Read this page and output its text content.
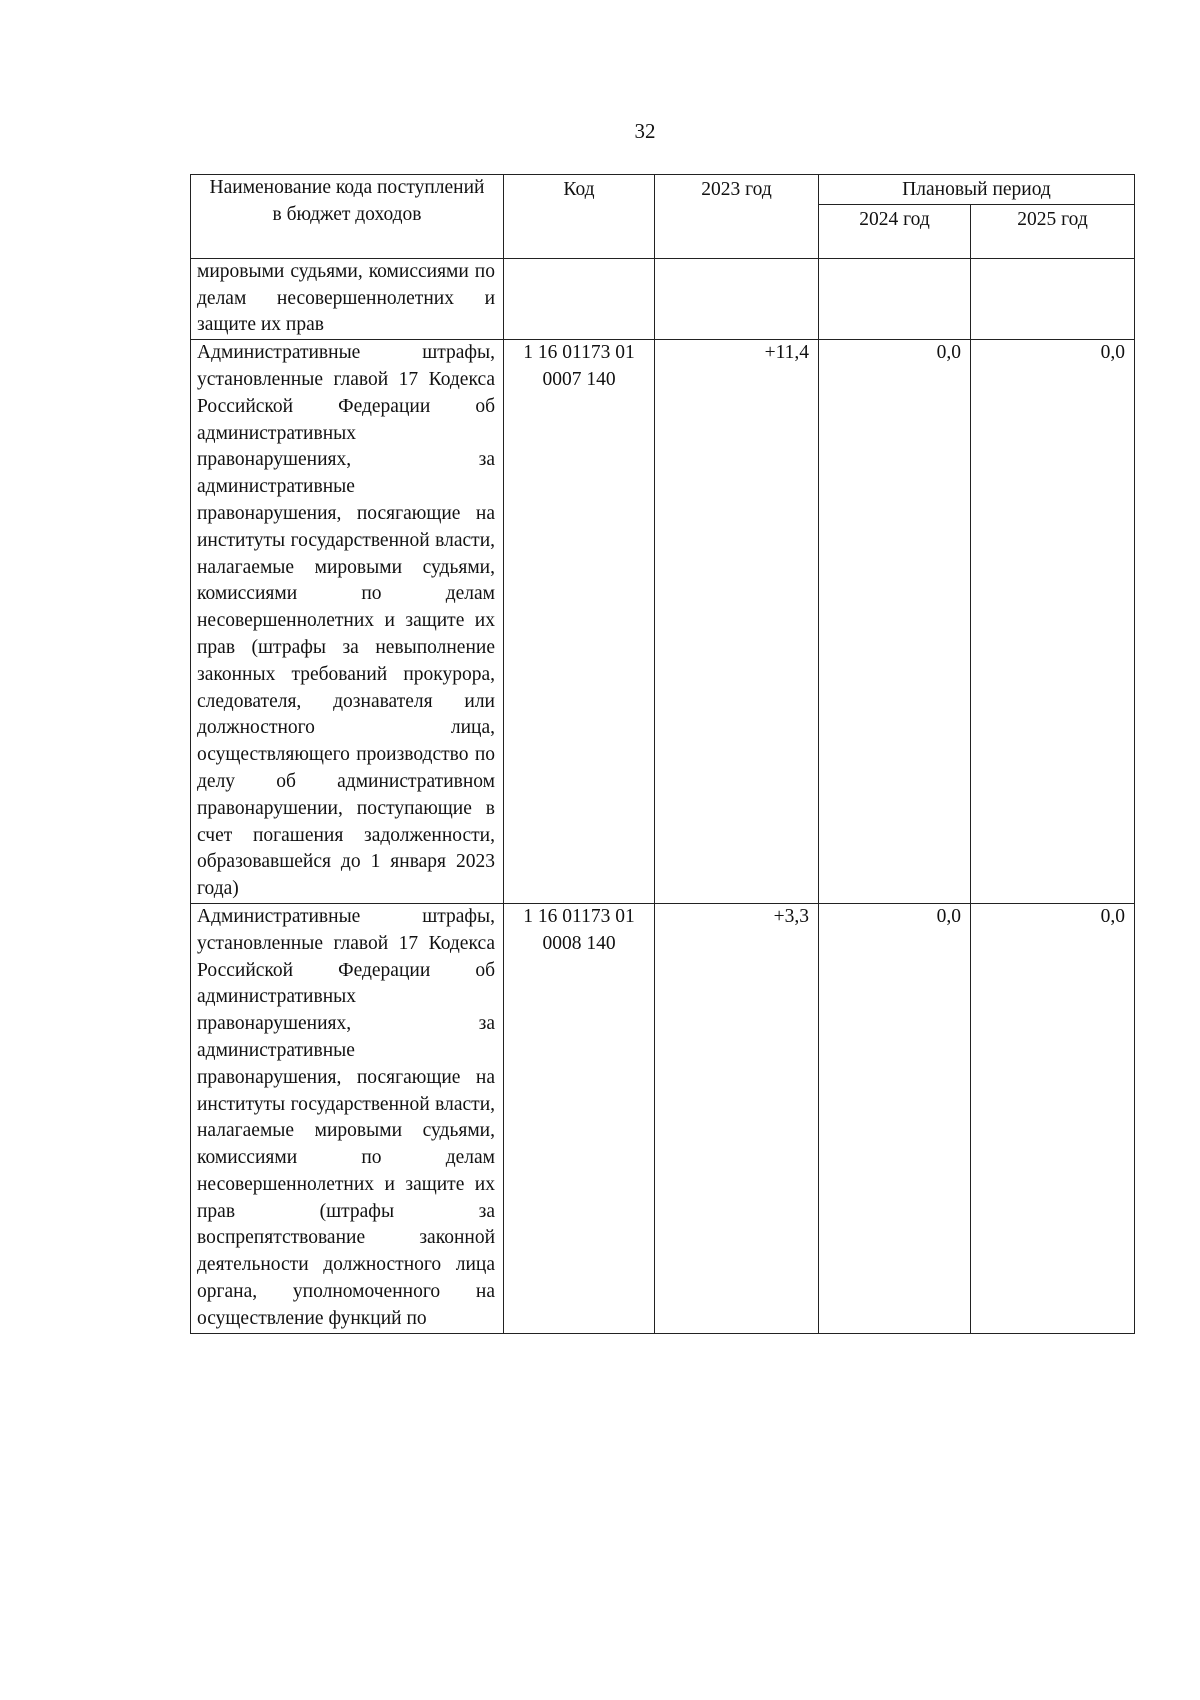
32
Наименование кода поступлений в бюджет доходов	Код	2023 год	Плановый период	
			2024 год	2025 год
мировыми судьями, комиссиями по делам несовершеннолетних и защите их прав				
Административные штрафы, установленные главой 17 Кодекса Российской Федерации об административных правонарушениях, за административные правонарушения, посягающие на институты государственной власти, налагаемые мировыми судьями, комиссиями по делам несовершеннолетних и защите их прав (штрафы за невыполнение законных требований прокурора, следователя, дознавателя или должностного лица, осуществляющего производство по делу об административном правонарушении, поступающие в счет погашения задолженности, образовавшейся до 1 января 2023 года)	1 16 01173 01 0007 140	+11,4	0,0	0,0
Административные штрафы, установленные главой 17 Кодекса Российской Федерации об административных правонарушениях, за административные правонарушения, посягающие на институты государственной власти, налагаемые мировыми судьями, комиссиями по делам несовершеннолетних и защите их прав (штрафы за воспрепятствование законной деятельности должностного лица органа, уполномоченного на осуществление функций по	1 16 01173 01 0008 140	+3,3	0,0	0,0
